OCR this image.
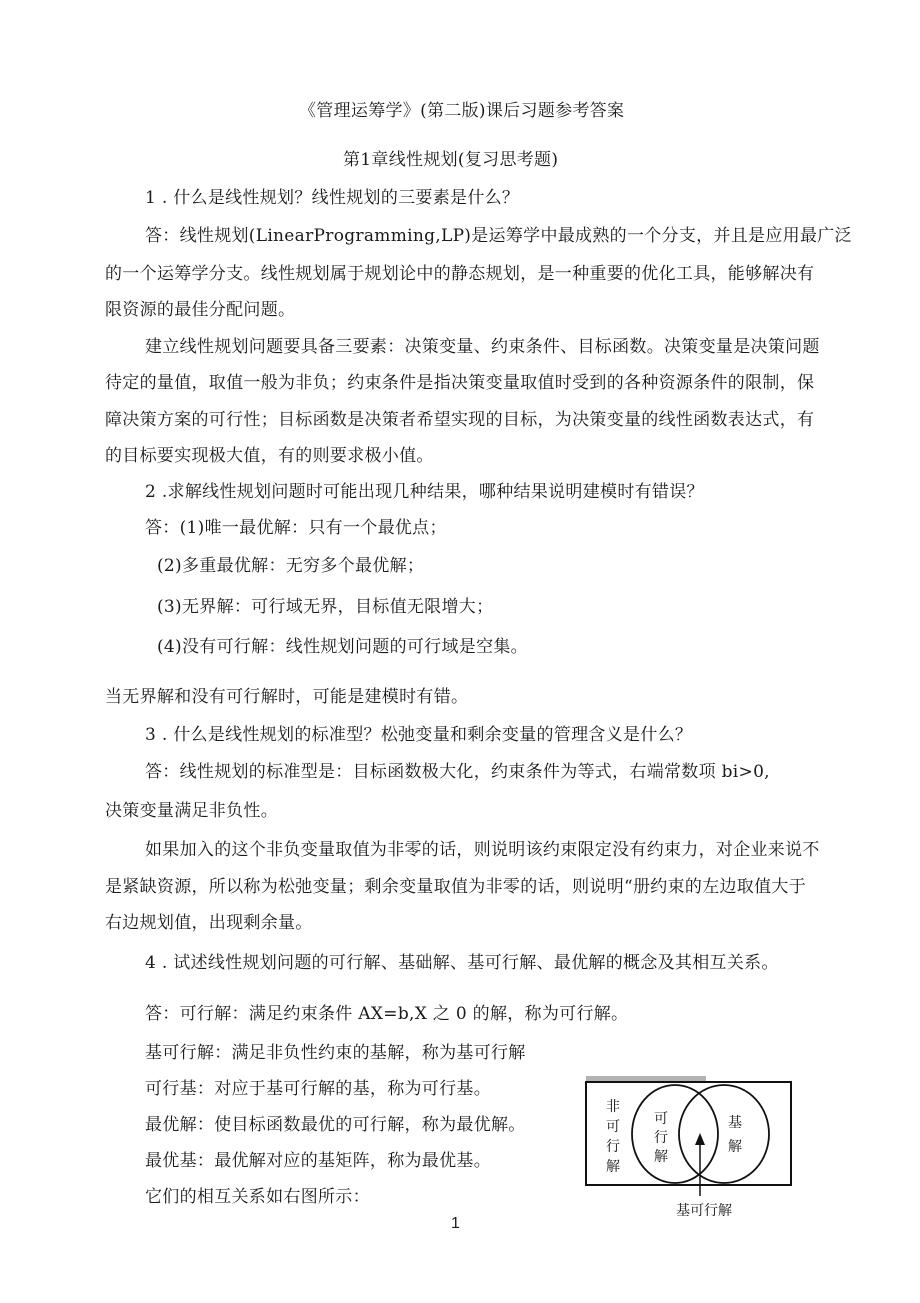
《管理运筹学》(第二版)课后习题参考答案
第1章线性规划(复习思考题)
1 . 什么是线性规划？线性规划的三要素是什么？
答：线性规划(LinearProgramming,LP)是运筹学中最成熟的一个分支，并且是应用最广泛
的一个运筹学分支。线性规划属于规划论中的静态规划，是一种重要的优化工具，能够解决有
限资源的最佳分配问题。
建立线性规划问题要具备三要素：决策变量、约束条件、目标函数。决策变量是决策问题
待定的量值，取值一般为非负；约束条件是指决策变量取值时受到的各种资源条件的限制，保
障决策方案的可行性；目标函数是决策者希望实现的目标，为决策变量的线性函数表达式，有
的目标要实现极大值，有的则要求极小值。
2 .求解线性规划问题时可能出现几种结果，哪种结果说明建模时有错误？
答：(1)唯一最优解：只有一个最优点；
(2)多重最优解：无穷多个最优解；
(3)无界解：可行域无界，目标值无限增大；
(4)没有可行解：线性规划问题的可行域是空集。
当无界解和没有可行解时，可能是建模时有错。
3 . 什么是线性规划的标准型？松弛变量和剩余变量的管理含义是什么？
答：线性规划的标准型是：目标函数极大化，约束条件为等式，右端常数项 bi>0,
决策变量满足非负性。
如果加入的这个非负变量取值为非零的话，则说明该约束限定没有约束力，对企业来说不
是紧缺资源，所以称为松弛变量；剩余变量取值为非零的话，则说明“册约束的左边取值大于
右边规划值，出现剩余量。
4 . 试述线性规划问题的可行解、基础解、基可行解、最优解的概念及其相互关系。
答：可行解：满足约束条件 AX=b,X 之 0 的解，称为可行解。
基可行解：满足非负性约束的基解，称为基可行解
可行基：对应于基可行解的基，称为可行基。
最优解：使目标函数最优的可行解，称为最优解。
最优基：最优解对应的基矩阵，称为最优基。
它们的相互关系如右图所示：
非 可 行 解
可 行 解
基 解
基可行解
1
